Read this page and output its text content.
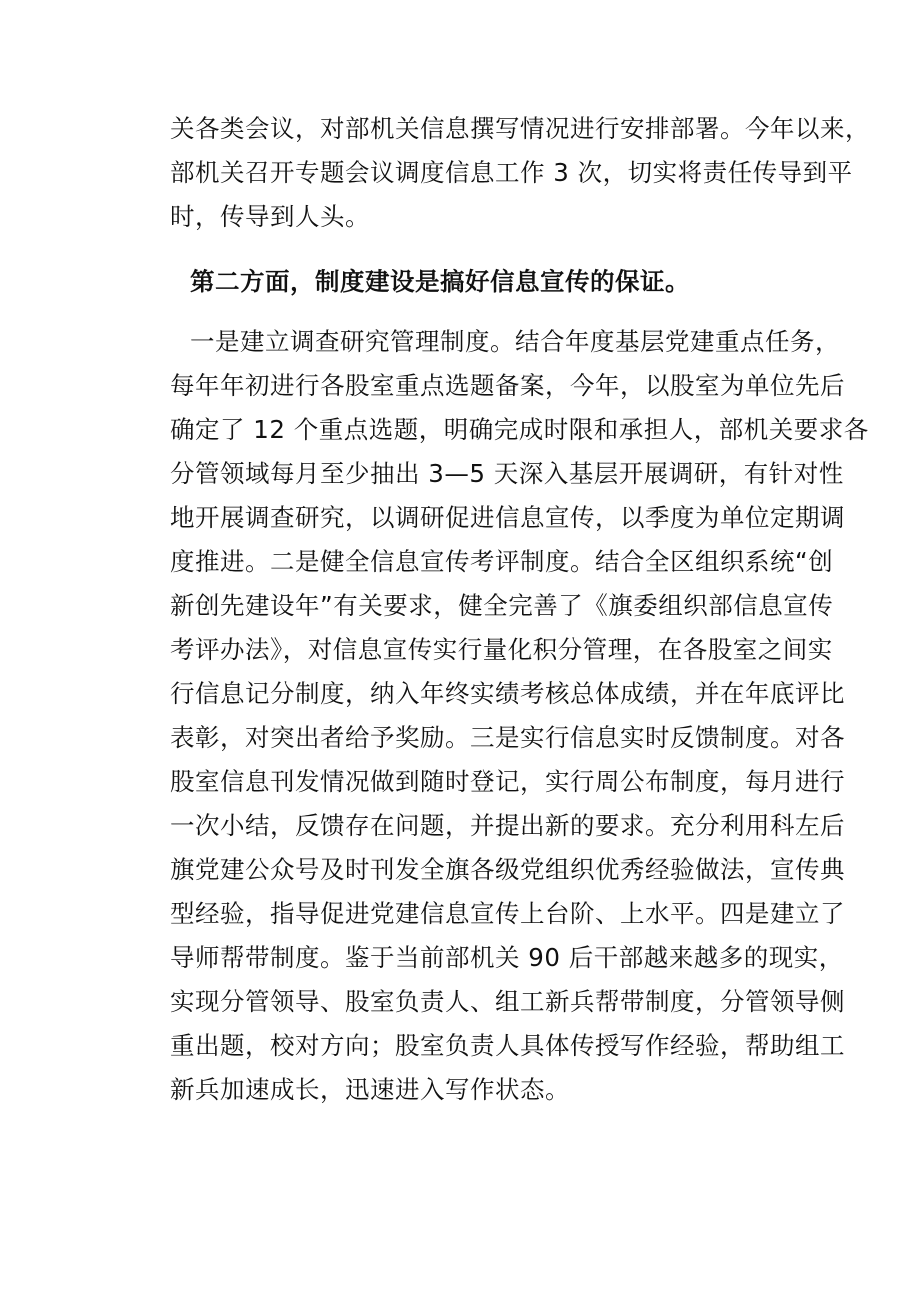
关各类会议，对部机关信息撰写情况进行安排部署。今年以来，
部机关召开专题会议调度信息工作 3 次，切实将责任传导到平
时，传导到人头。
第二方面，制度建设是搞好信息宣传的保证。
一是建立调查研究管理制度。结合年度基层党建重点任务，
每年年初进行各股室重点选题备案，今年，以股室为单位先后
确定了 12 个重点选题，明确完成时限和承担人，部机关要求各
分管领域每月至少抽出 3—5 天深入基层开展调研，有针对性
地开展调查研究，以调研促进信息宣传，以季度为单位定期调
度推进。二是健全信息宣传考评制度。结合全区组织系统“创
新创先建设年”有关要求，健全完善了《旗委组织部信息宣传
考评办法》，对信息宣传实行量化积分管理，在各股室之间实
行信息记分制度，纳入年终实绩考核总体成绩，并在年底评比
表彰，对突出者给予奖励。三是实行信息实时反馈制度。对各
股室信息刊发情况做到随时登记，实行周公布制度，每月进行
一次小结，反馈存在问题，并提出新的要求。充分利用科左后
旗党建公众号及时刊发全旗各级党组织优秀经验做法，宣传典
型经验，指导促进党建信息宣传上台阶、上水平。四是建立了
导师帮带制度。鉴于当前部机关 90 后干部越来越多的现实，
实现分管领导、股室负责人、组工新兵帮带制度，分管领导侧
重出题，校对方向；股室负责人具体传授写作经验，帮助组工
新兵加速成长，迅速进入写作状态。
